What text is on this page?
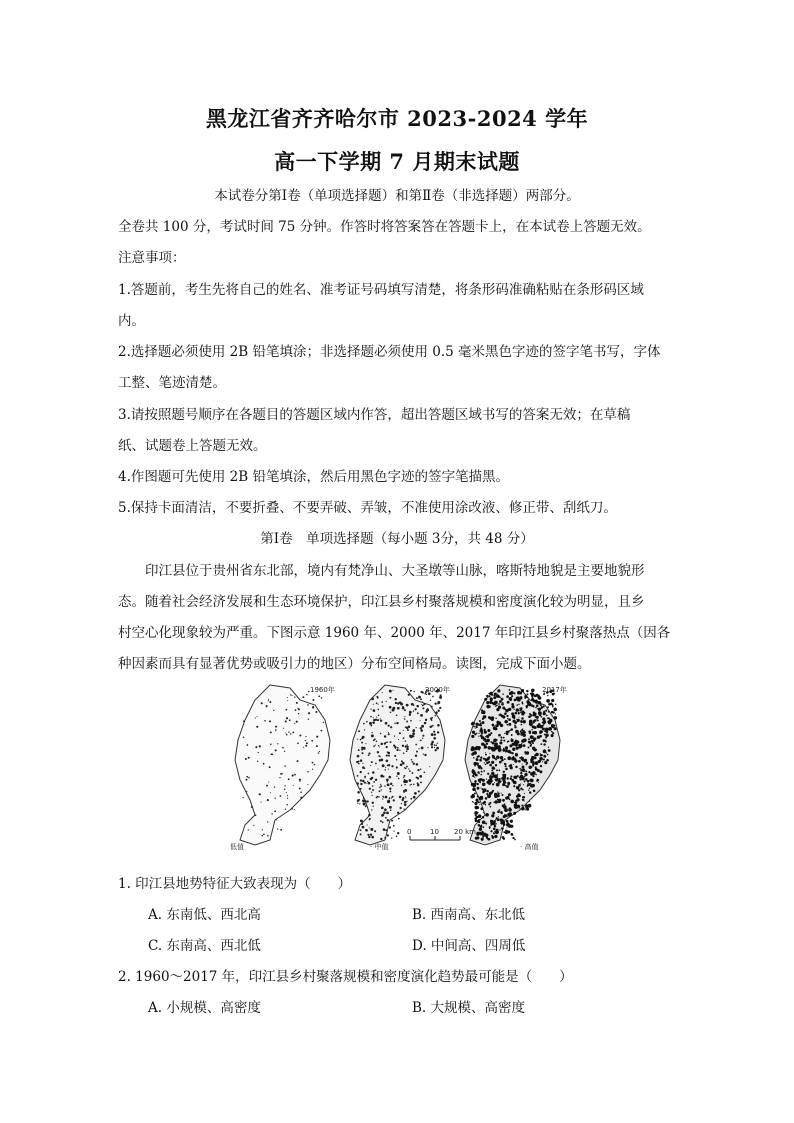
黑龙江省齐齐哈尔市 2023-2024 学年
高一下学期 7 月期末试题
本试卷分第Ⅰ卷（单项选择题）和第Ⅱ卷（非选择题）两部分。
全卷共 100 分，考试时间 75 分钟。作答时将答案答在答题卡上，在本试卷上答题无效。
注意事项：
1.答题前，考生先将自己的姓名、准考证号码填写清楚，将条形码准确粘贴在条形码区域
内。
2.选择题必须使用 2B 铅笔填涂；非选择题必须使用 0.5 毫米黑色字迹的签字笔书写，字体
工整、笔迹清楚。
3.请按照题号顺序在各题目的答题区域内作答，超出答题区域书写的答案无效；在草稿
纸、试题卷上答题无效。
4.作图题可先使用 2B 铅笔填涂，然后用黑色字迹的签字笔描黑。
5.保持卡面清洁，不要折叠、不要弄破、弄皱，不准使用涂改液、修正带、刮纸刀。
第Ⅰ卷　单项选择题（每小题 3分，共 48 分）
印江县位于贵州省东北部，境内有梵净山、大圣墩等山脉，喀斯特地貌是主要地貌形
态。随着社会经济发展和生态环境保护，印江县乡村聚落规模和密度演化较为明显，且乡
村空心化现象较为严重。下图示意 1960 年、2000 年、2017 年印江县乡村聚落热点（因各
种因素而具有显著优势或吸引力的地区）分布空间格局。读图，完成下面小题。
1960年	2000年	2017年
0	10 20 km
低值	· 中值	· 高值
1. 印江县地势特征大致表现为（　　）
A. 东南低、西北高	B. 西南高、东北低
C. 东南高、西北低	D. 中间高、四周低
2. 1960～2017 年，印江县乡村聚落规模和密度演化趋势最可能是（　　）
A. 小规模、高密度	B. 大规模、高密度
